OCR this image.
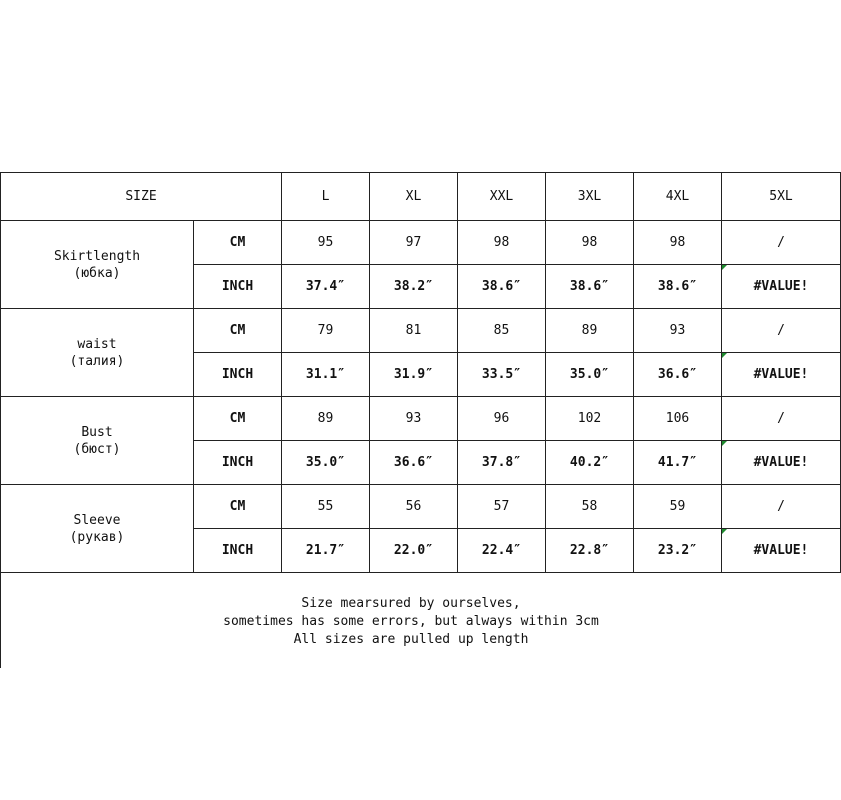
SIZE		L	XL	XXL	3XL	4XL	5XL

Skirtlength
(юбка)	CM	95	97	98	98	98	/
	INCH	37.4″	38.2″	38.6″	38.6″	38.6″	#VALUE!

waist
(талия)	CM	79	81	85	89	93	/
	INCH	31.1″	31.9″	33.5″	35.0″	36.6″	#VALUE!

Bust
(бюст)	CM	89	93	96	102	106	/
	INCH	35.0″	36.6″	37.8″	40.2″	41.7″	#VALUE!

Sleeve
(рукав)	CM	55	56	57	58	59	/
	INCH	21.7″	22.0″	22.4″	22.8″	23.2″	#VALUE!
Size mearsured by ourselves,
sometimes has some errors, but always within 3cm
All sizes are pulled up length
